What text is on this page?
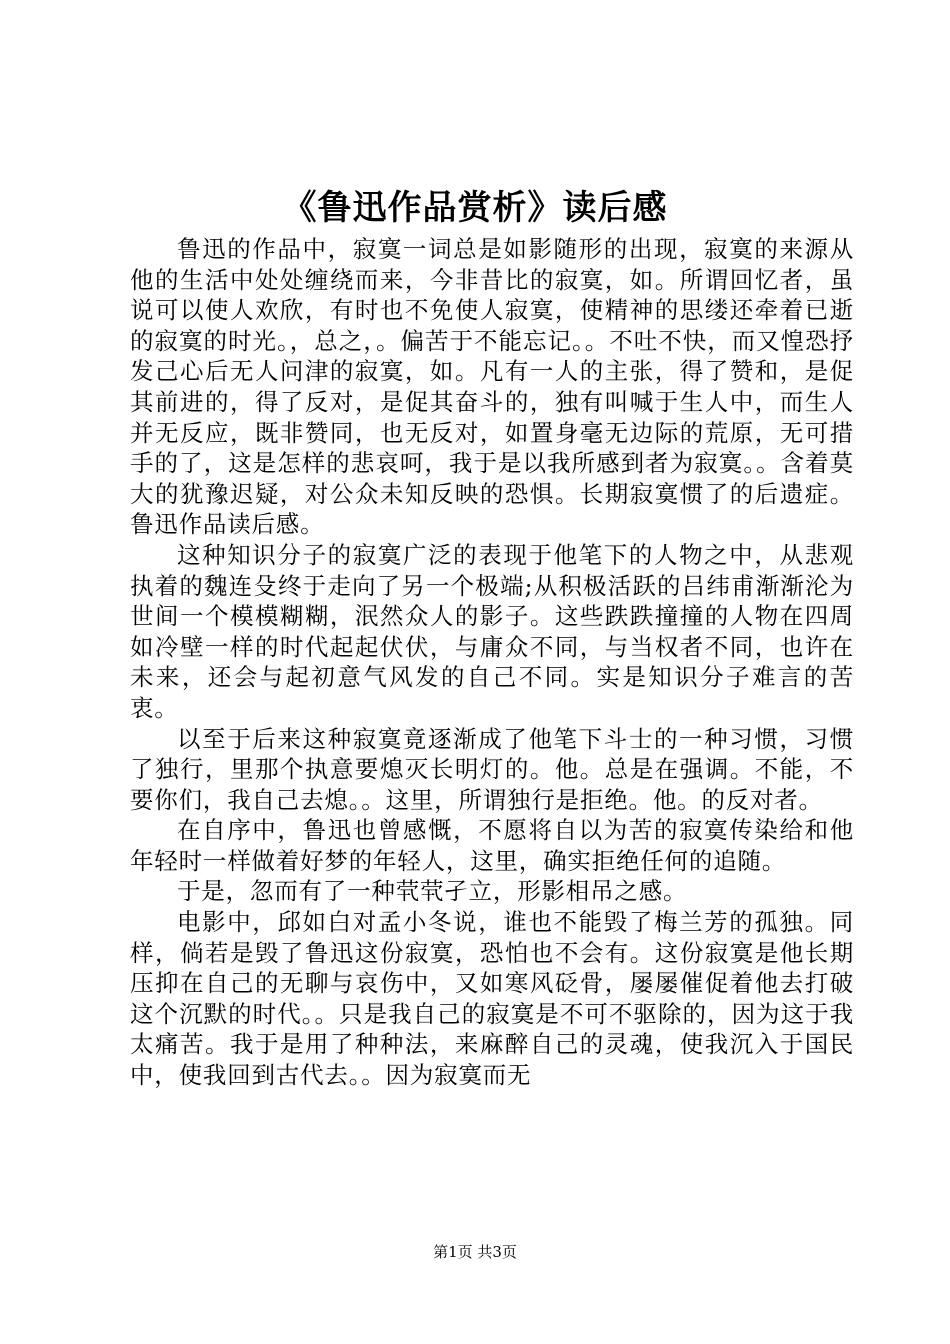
《鲁迅作品赏析》读后感

鲁迅的作品中，寂寞一词总是如影随形的出现，寂寞的来源从他的生活中处处缠绕而来，今非昔比的寂寞，如。所谓回忆者，虽说可以使人欢欣，有时也不免使人寂寞，使精神的思缕还牵着已逝的寂寞的时光。，总之，。偏苦于不能忘记。。不吐不快，而又惶恐抒发己心后无人问津的寂寞，如。凡有一人的主张，得了赞和，是促其前进的，得了反对，是促其奋斗的，独有叫喊于生人中，而生人并无反应，既非赞同，也无反对，如置身毫无边际的荒原，无可措手的了，这是怎样的悲哀呵，我于是以我所感到者为寂寞。。含着莫大的犹豫迟疑，对公众未知反映的恐惧。长期寂寞惯了的后遗症。鲁迅作品读后感。

这种知识分子的寂寞广泛的表现于他笔下的人物之中，从悲观执着的魏连殳终于走向了另一个极端;从积极活跃的吕纬甫渐渐沦为世间一个模模糊糊，泯然众人的影子。这些跌跌撞撞的人物在四周如冷壁一样的时代起起伏伏，与庸众不同，与当权者不同，也许在未来，还会与起初意气风发的自己不同。实是知识分子难言的苦衷。

以至于后来这种寂寞竟逐渐成了他笔下斗士的一种习惯，习惯了独行，里那个执意要熄灭长明灯的。他。总是在强调。不能，不要你们，我自己去熄。。这里，所谓独行是拒绝。他。的反对者。

在自序中，鲁迅也曾感慨，不愿将自以为苦的寂寞传染给和他年轻时一样做着好梦的年轻人，这里，确实拒绝任何的追随。

于是，忽而有了一种茕茕孑立，形影相吊之感。

电影中，邱如白对孟小冬说，谁也不能毁了梅兰芳的孤独。同样，倘若是毁了鲁迅这份寂寞，恐怕也不会有。这份寂寞是他长期压抑在自己的无聊与哀伤中，又如寒风砭骨，屡屡催促着他去打破这个沉默的时代。。只是我自己的寂寞是不可不驱除的，因为这于我太痛苦。我于是用了种种法，来麻醉自己的灵魂，使我沉入于国民中，使我回到古代去。。因为寂寞而无

第1页 共3页
